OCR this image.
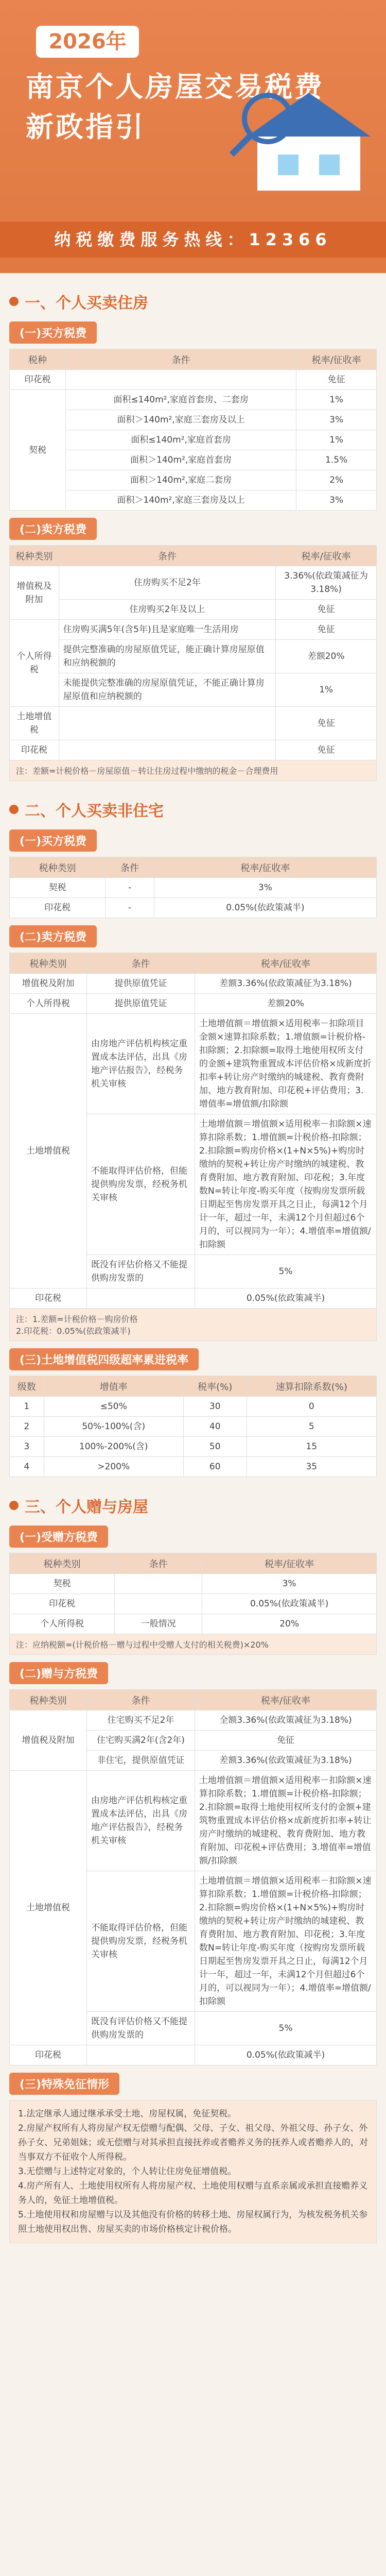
2026年
南京个人房屋交易税费
新政指引
纳税缴费服务热线：12366
一、个人买卖住房
(一)买方税费
税种	条件	税率/征收率
印花税		免征
契税	面积≤140m²,家庭首套房、二套房	1%
	面积＞140m²,家庭三套房及以上	3%
	面积≤140m²,家庭首套房	1%
	面积＞140m²,家庭首套房	1.5%
	面积＞140m²,家庭二套房	2%
	面积＞140m²,家庭三套房及以上	3%
(二)卖方税费
税种类别	条件	税率/征收率
增值税及附加	住房购买不足2年	3.36%(依政策减征为3.18%)
	住房购买2年及以上	免征
个人所得税	住房购买满5年(含5年)且是家庭唯一生活用房	免征
	提供完整准确的房屋原值凭证，能正确计算房屋原值和应纳税额的	差额20%
	未能提供完整准确的房屋原值凭证，不能正确计算房屋原值和应纳税额的	1%
土地增值税		免征
印花税		免征
注：差额=计税价格－房屋原值－转让住房过程中缴纳的税金－合理费用
二、个人买卖非住宅
(一)买方税费
税种类别	条件	税率/征收率
契税	-	3%
印花税	-	0.05%(依政策减半)
(二)卖方税费
税种类别	条件	税率/征收率
增值税及附加	提供原值凭证	差额3.36%(依政策减征为3.18%)
个人所得税	提供原值凭证	差额20%
土地增值税	由房地产评估机构核定重置成本法评估，出具《房地产评估报告》，经税务机关审核	土地增值额＝增值额×适用税率－扣除项目金额×速算扣除系数；1.增值额=计税价格-扣除额；2.扣除额=取得土地使用权所支付的金额+建筑物重置成本评估价格×成新度折扣率+转让房产时缴纳的城建税、教育费附加、地方教育附加、印花税+评估费用；3.增值率=增值额/扣除额
	不能取得评估价格，但能提供购房发票，经税务机关审核	土地增值额＝增值额×适用税率－扣除额×速算扣除系数；1.增值额=计税价格-扣除额；2.扣除额=购房价格×(1+N×5%)+购房时缴纳的契税+转让房产时缴纳的城建税、教育费附加、地方教育附加、印花税；3.年度数N=转让年度-购买年度（按购房发票所载日期起至售房发票开具之日止，每满12个月计一年，超过一年，未满12个月但超过6个月的，可以视同为一年）；4.增值率=增值额/扣除额
	既没有评估价格又不能提供购房发票的	5%
印花税		0.05%(依政策减半)
注：1.差额=计税价格－购房价格
2.印花税：0.05%(依政策减半)
(三)土地增值税四级超率累进税率
级数	增值率	税率(%)	速算扣除系数(%)
1	≤50%	30	0
2	50%-100%(含)	40	5
3	100%-200%(含)	50	15
4	>200%	60	35
三、个人赠与房屋
(一)受赠方税费
税种类别	条件	税率/征收率
契税		3%
印花税		0.05%(依政策减半)
个人所得税	一般情况	20%
注：应纳税额=(计税价格－赠与过程中受赠人支付的相关税费)×20%
(二)赠与方税费
税种类别	条件	税率/征收率
增值税及附加	住宅购买不足2年	全额3.36%(依政策减征为3.18%)
	住宅购买满2年(含2年)	免征
	非住宅，提供原值凭证	差额3.36%(依政策减征为3.18%)
土地增值税	由房地产评估机构核定重置成本法评估，出具《房地产评估报告》，经税务机关审核	土地增值额＝增值额×适用税率－扣除额×速算扣除系数；1.增值额=计税价格-扣除额；2.扣除额=取得土地使用权所支付的金额+建筑物重置成本评估价格×成新度折扣率+转让房产时缴纳的城建税、教育费附加、地方教育附加、印花税+评估费用；3.增值率=增值额/扣除额
	不能取得评估价格，但能提供购房发票，经税务机关审核	土地增值额＝增值额×适用税率－扣除额×速算扣除系数；1.增值额=计税价格-扣除额；2.扣除额=购房价格×(1+N×5%)+购房时缴纳的契税+转让房产时缴纳的城建税、教育费附加、地方教育附加、印花税；3.年度数N=转让年度-购买年度（按购房发票所载日期起至售房发票开具之日止，每满12个月计一年，超过一年，未满12个月但超过6个月的，可以视同为一年）；4.增值率=增值额/扣除额
	既没有评估价格又不能提供购房发票的	5%
印花税		0.05%(依政策减半)
(三)特殊免征情形

1.法定继承人通过继承承受土地、房屋权属，免征契税。

2.房屋产权所有人将房屋产权无偿赠与配偶、父母、子女、祖父母、外祖父母、孙子女、外孙子女、兄弟姐妹；或无偿赠与对其承担直接抚养或者赡养义务的抚养人或者赡养人的，对当事双方不征收个人所得税。

3.无偿赠与上述特定对象的，个人转让住房免征增值税。

4.房产所有人、土地使用权所有人将房屋产权、土地使用权赠与直系亲属或承担直接赡养义务人的，免征土地增值税。

5.土地使用权和房屋赠与以及其他没有价格的转移土地、房屋权属行为，为核发税务机关参照土地使用权出售、房屋买卖的市场价格核定计税价格。
